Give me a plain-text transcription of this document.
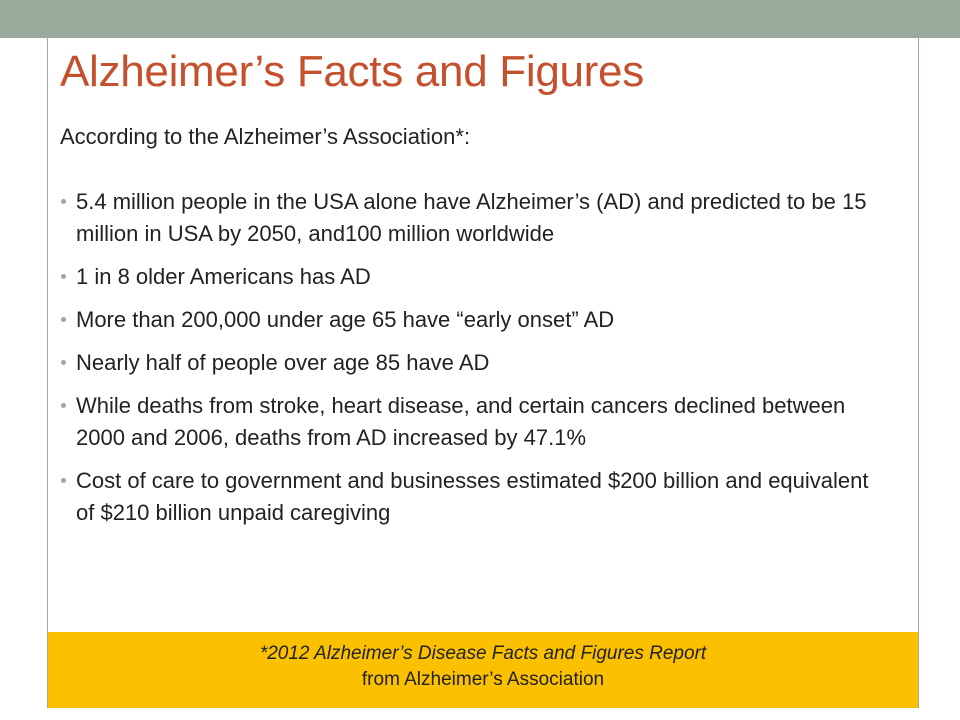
Alzheimer’s Facts and Figures
According to the Alzheimer’s Association*:
5.4 million people in the USA alone have Alzheimer’s (AD) and predicted to be 15 million in USA by 2050, and100 million worldwide
1 in 8 older Americans has AD
More than 200,000 under age 65 have “early onset” AD
Nearly half of people over age 85 have AD
While deaths from stroke, heart disease, and certain cancers declined between 2000 and 2006, deaths from AD increased by 47.1%
Cost of care to government and businesses estimated $200 billion and equivalent of $210 billion unpaid caregiving
*2012 Alzheimer’s Disease Facts and Figures Report
from Alzheimer’s Association
